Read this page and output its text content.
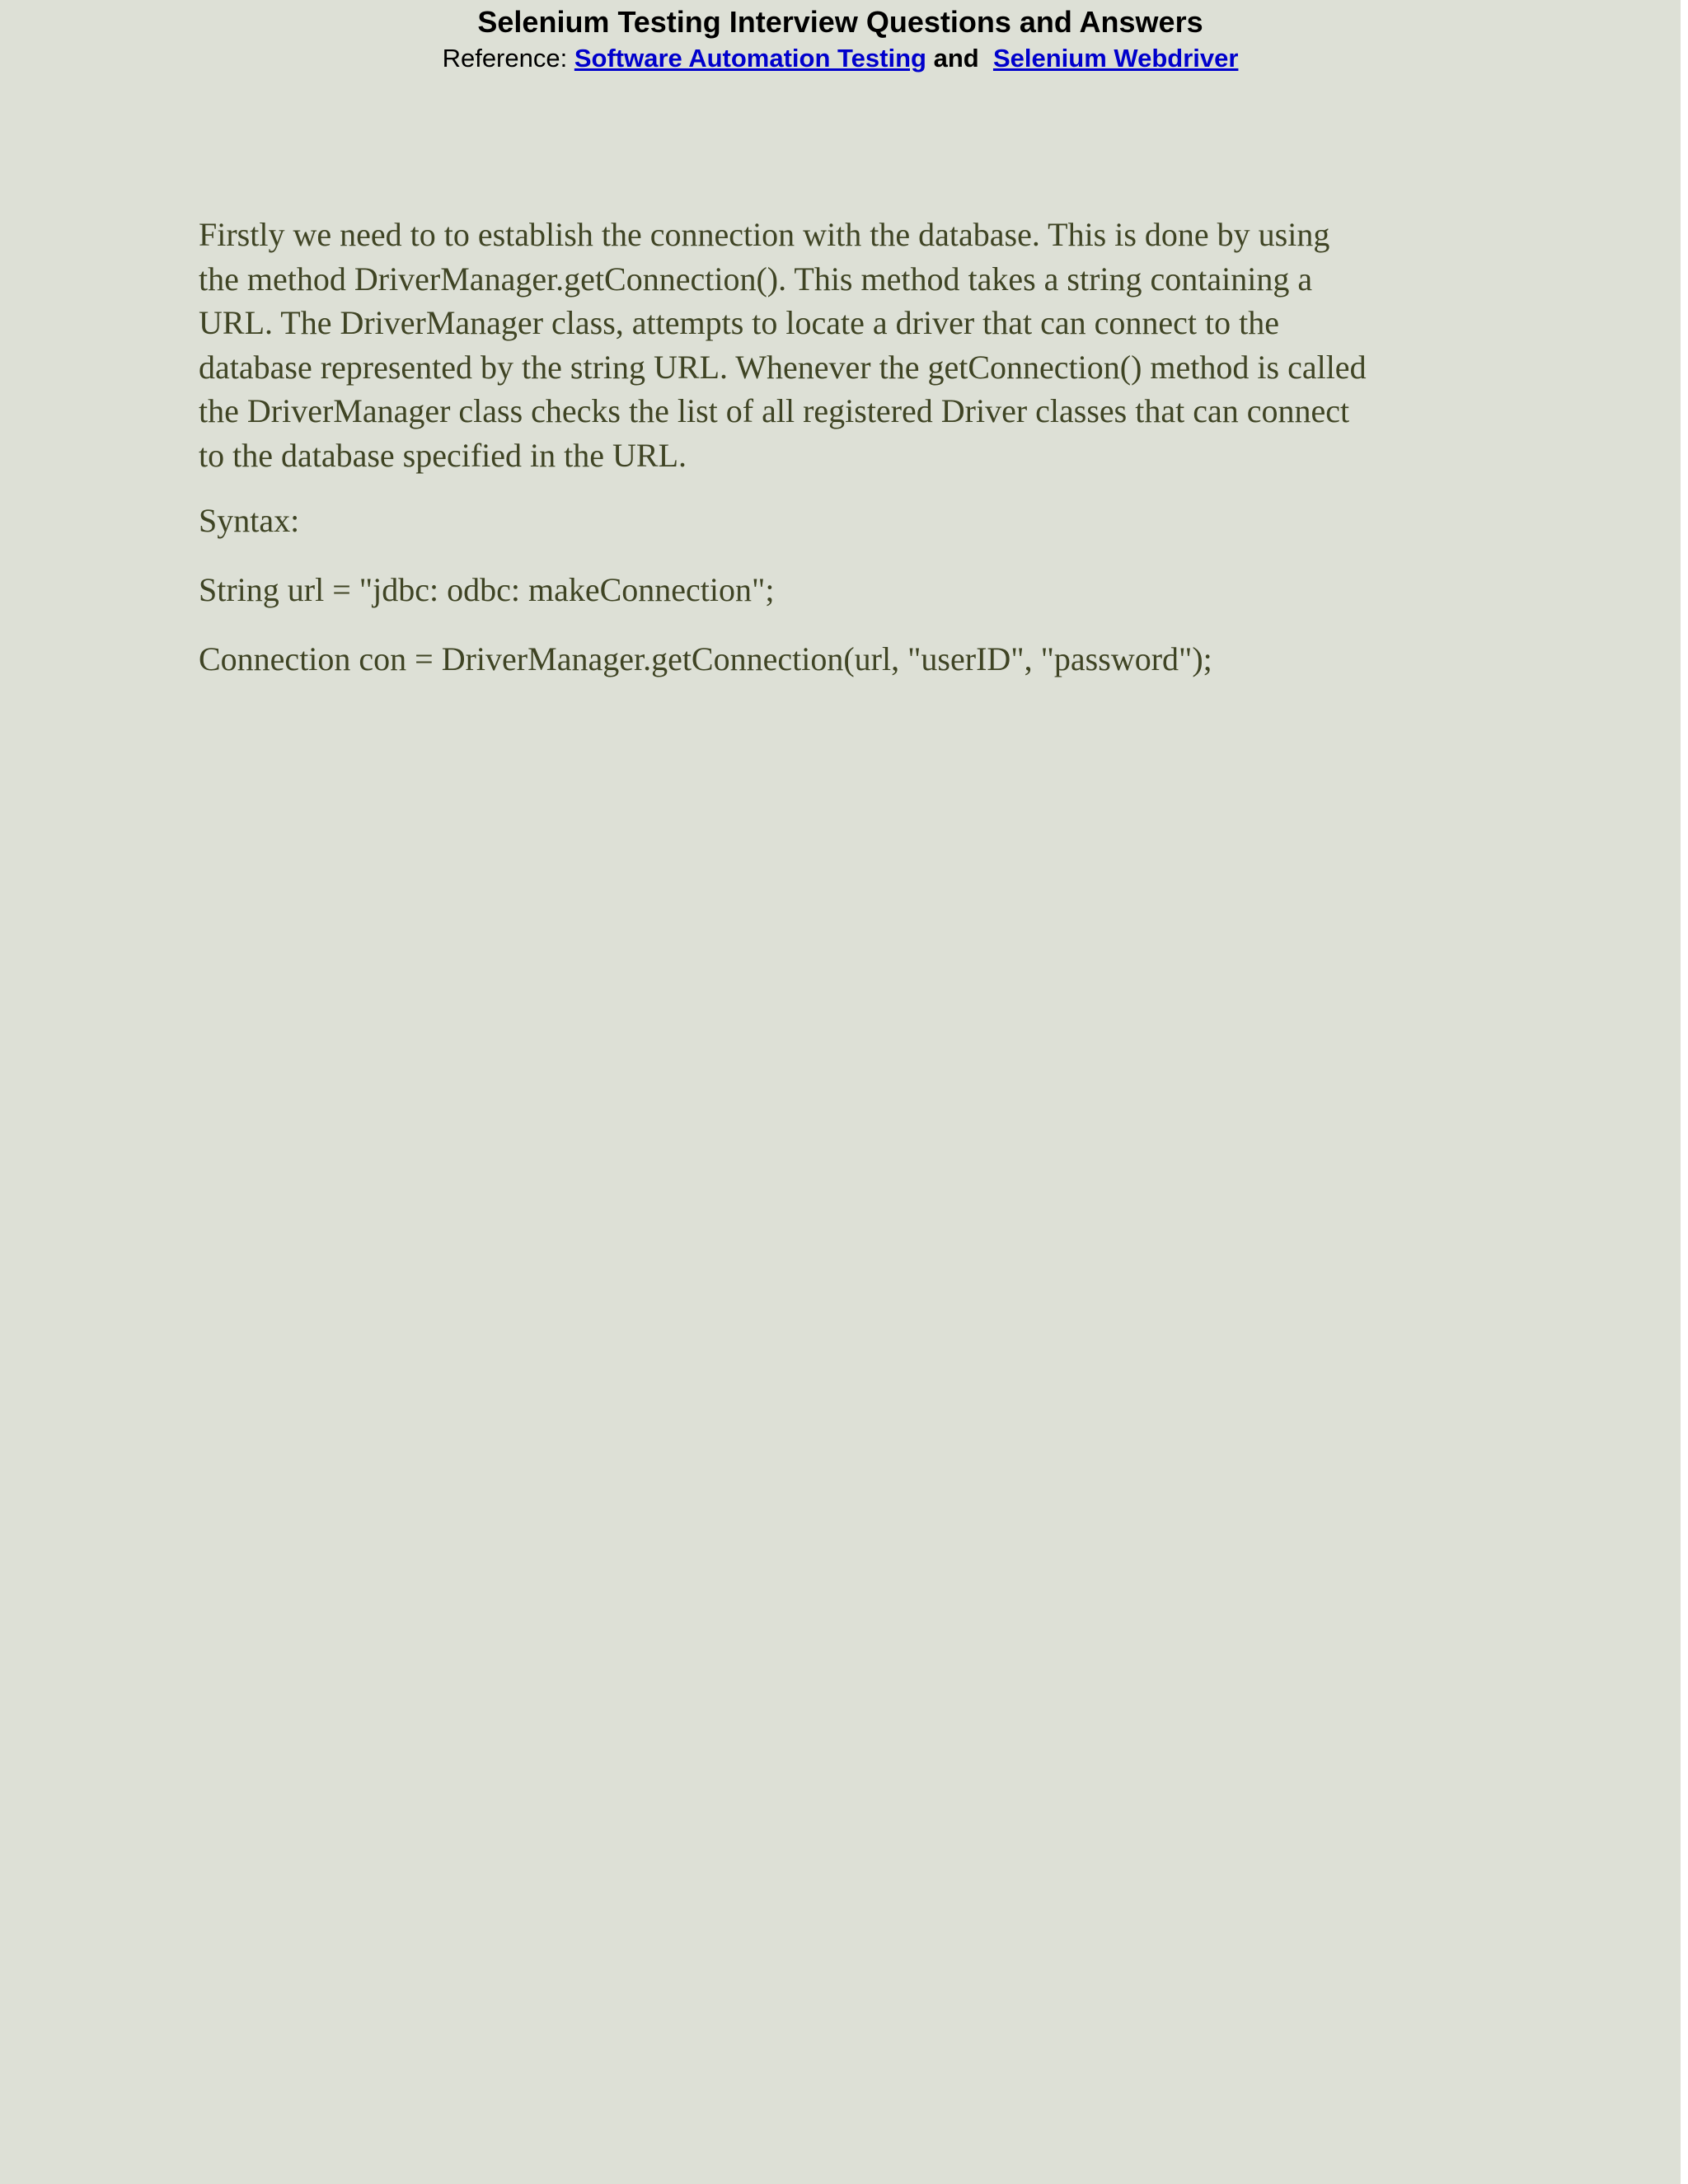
Selenium Testing Interview Questions and Answers
Reference: Software Automation Testing and Selenium Webdriver

Firstly we need to to establish the connection with the database. This is done by using
the method DriverManager.getConnection(). This method takes a string containing a
URL. The DriverManager class, attempts to locate a driver that can connect to the
database represented by the string URL. Whenever the getConnection() method is called
the DriverManager class checks the list of all registered Driver classes that can connect
to the database specified in the URL.

Syntax:

String url = "jdbc: odbc: makeConnection";

Connection con = DriverManager.getConnection(url, "userID", "password");
